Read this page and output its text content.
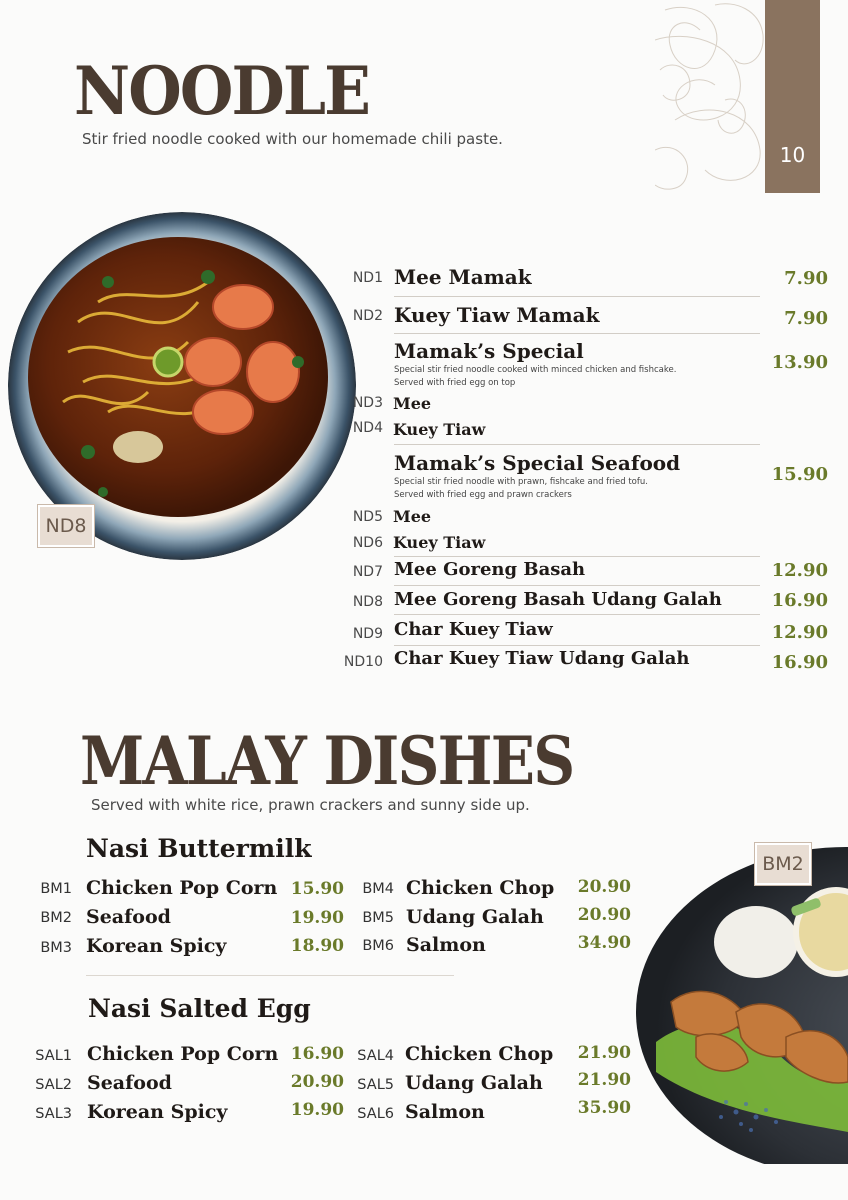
NOODLE
Stir fried noodle cooked with our homemade chili paste.
10
ND8
ND1 Mee Mamak	7.90
ND2 Kuey Tiaw Mamak	7.90
Mamak’s Special	13.90
Special stir fried noodle cooked with minced chicken and fishcake.
Served with fried egg on top
ND3 Mee
ND4 Kuey Tiaw
Mamak’s Special Seafood	15.90
Special stir fried noodle with prawn, fishcake and fried tofu.
Served with fried egg and prawn crackers
ND5 Mee
ND6 Kuey Tiaw
ND7 Mee Goreng Basah	12.90
ND8 Mee Goreng Basah Udang Galah	16.90
ND9 Char Kuey Tiaw	12.90
ND10 Char Kuey Tiaw Udang Galah	16.90
MALAY DISHES
Served with white rice, prawn crackers and sunny side up.
Nasi Buttermilk
BM1 Chicken Pop Corn 15.90
BM2 Seafood	19.90
BM3 Korean Spicy	18.90
BM4 Chicken Chop	20.90
BM5 Udang Galah	20.90
BM6 Salmon	34.90
Nasi Salted Egg
SAL1 Chicken Pop Corn 16.90
SAL2 Seafood	20.90
SAL3 Korean Spicy	19.90
SAL4 Chicken Chop	21.90
SAL5 Udang Galah	21.90
SAL6 Salmon	35.90
BM2
